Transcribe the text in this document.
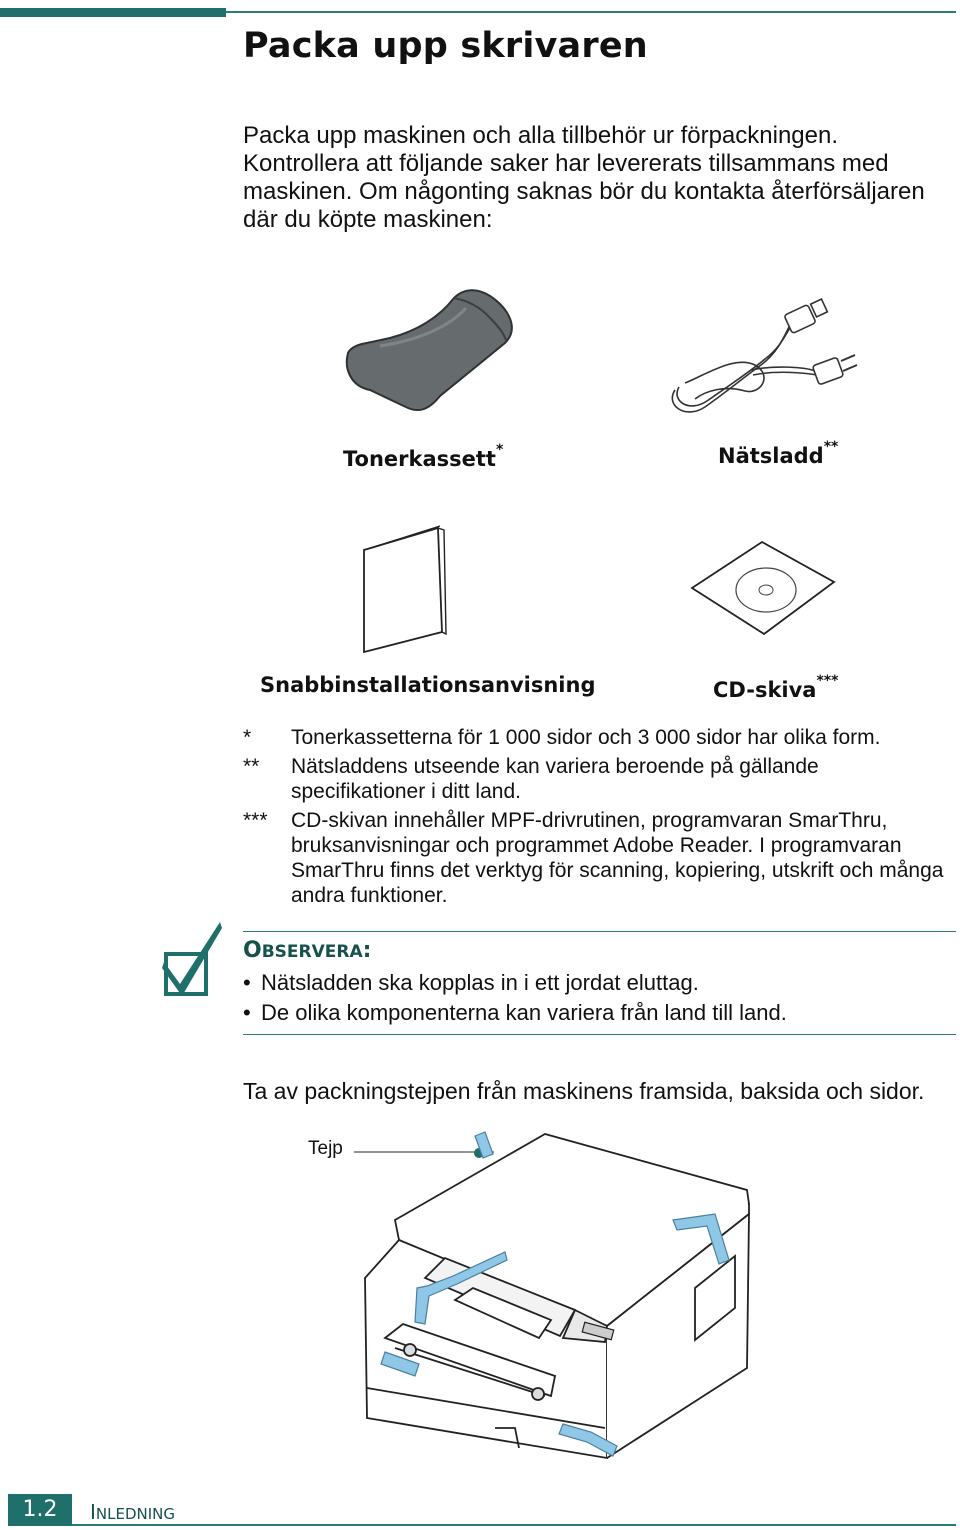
Packa upp skrivaren
Packa upp maskinen och alla tillbehör ur förpackningen. Kontrollera att följande saker har levererats tillsammans med maskinen. Om någonting saknas bör du kontakta återförsäljaren där du köpte maskinen:
Tonerkassett*	Nätsladd**
Snabbinstallationsanvisning	CD-skiva***
*	Tonerkassetterna för 1 000 sidor och 3 000 sidor har olika form.
**	Nätsladdens utseende kan variera beroende på gällande specifikationer i ditt land.
***	CD-skivan innehåller MPF-drivrutinen, programvaran SmarThru, bruksanvisningar och programmet Adobe Reader. I programvaran SmarThru finns det verktyg för scanning, kopiering, utskrift och många andra funktioner.
OBSERVERA:
• Nätsladden ska kopplas in i ett jordat eluttag.
• De olika komponenterna kan variera från land till land.
Ta av packningstejpen från maskinens framsida, baksida och sidor.
Tejp
1.2	INLEDNING
